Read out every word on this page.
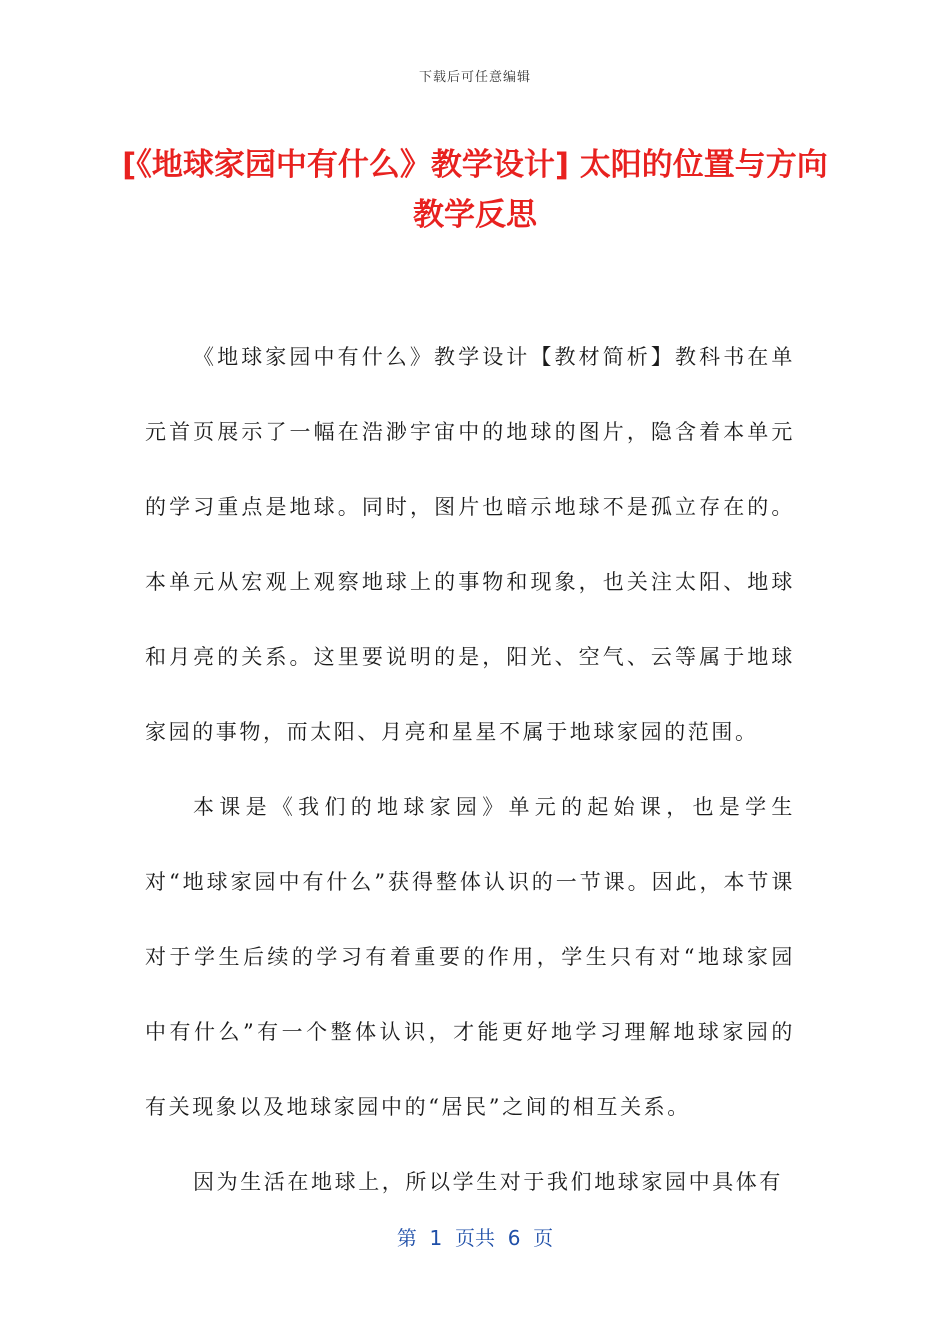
下载后可任意编辑
[《地球家园中有什么》教学设计] 太阳的位置与方向教学反思

《地球家园中有什么》教学设计【教材简析】教科书在单元首页展示了一幅在浩渺宇宙中的地球的图片，隐含着本单元的学习重点是地球。同时，图片也暗示地球不是孤立存在的。本单元从宏观上观察地球上的事物和现象，也关注太阳、地球和月亮的关系。这里要说明的是，阳光、空气、云等属于地球家园的事物，而太阳、月亮和星星不属于地球家园的范围。

本课是《我们的地球家园》单元的起始课，也是学生对“地球家园中有什么”获得整体认识的一节课。因此，本节课对于学生后续的学习有着重要的作用，学生只有对“地球家园中有什么”有一个整体认识，才能更好地学习理解地球家园的有关现象以及地球家园中的“居民”之间的相互关系。

因为生活在地球上，所以学生对于我们地球家园中具体有

第  1  页共  6  页
